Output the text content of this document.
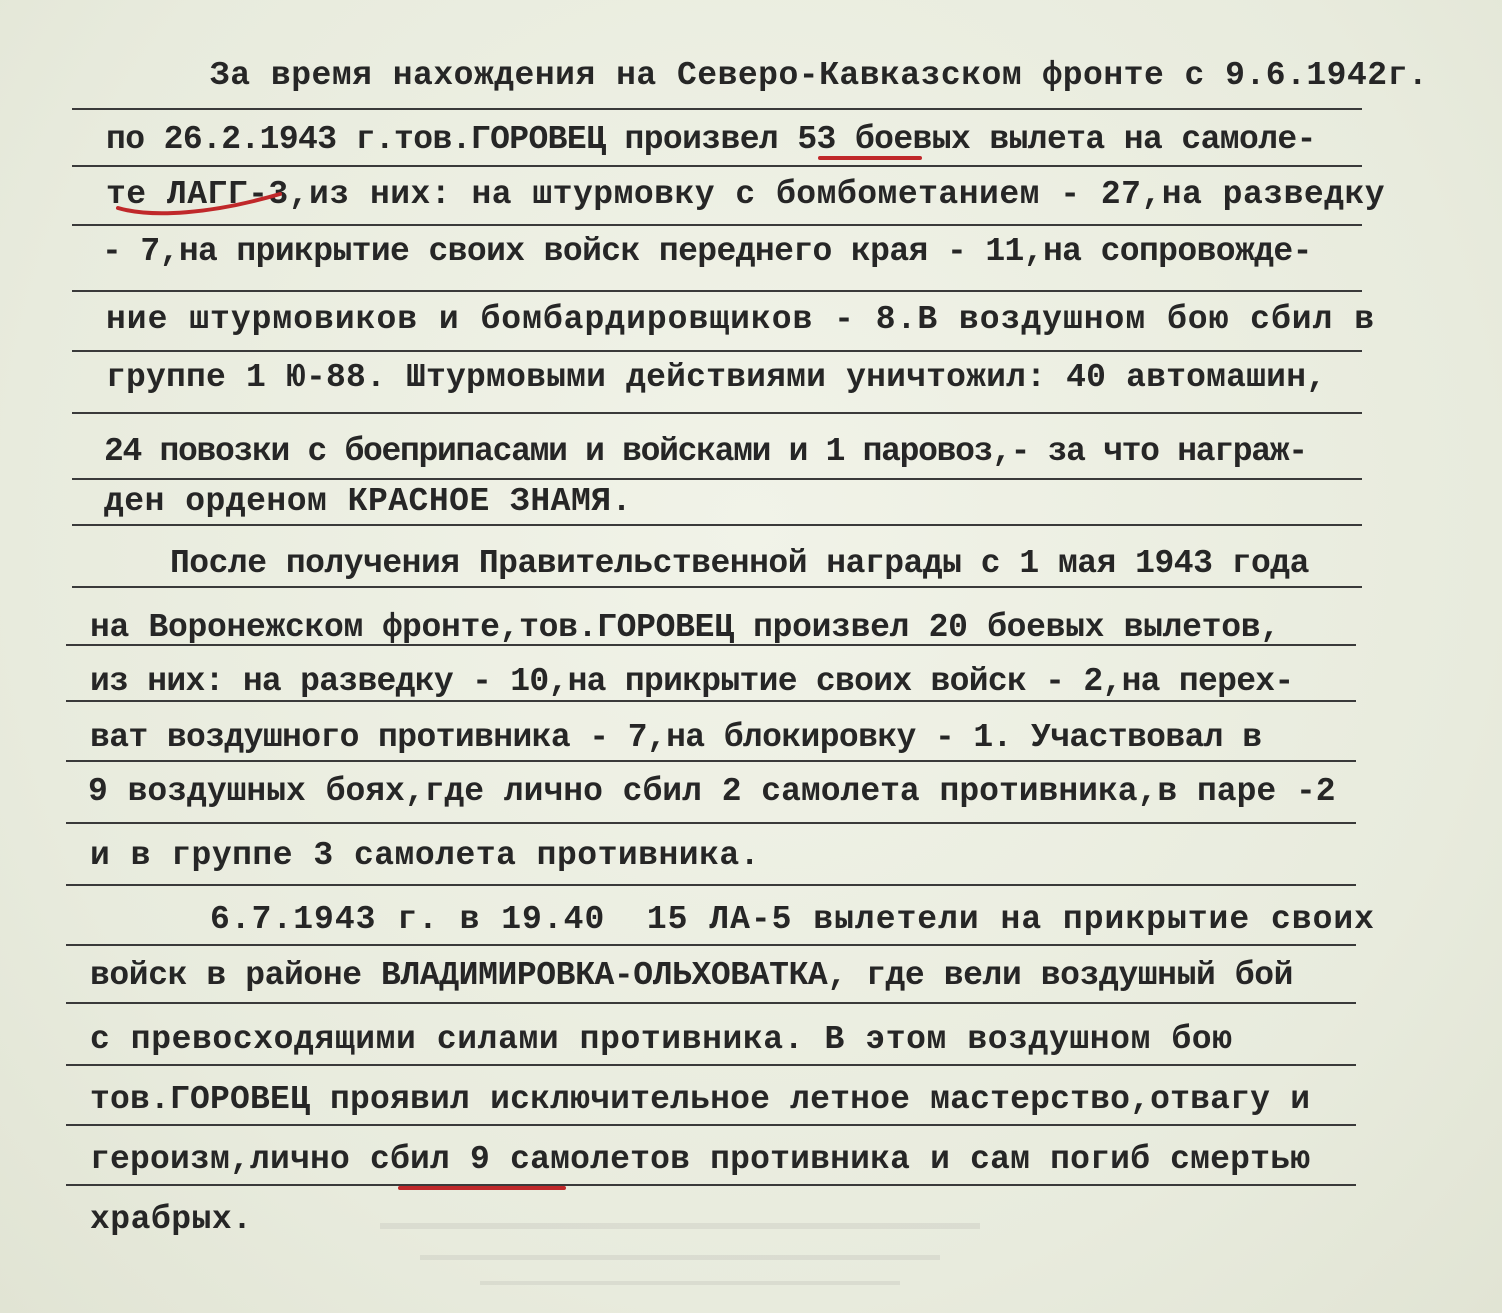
За время нахождения на Северо-Кавказском фронте с 9.6.1942г.
по 26.2.1943 г.тов.ГОРОВЕЦ произвел 53 боевых вылета на самоле-
те ЛАГГ-3,из них: на штурмовку с бомбометанием - 27,на разведку
- 7,на прикрытие своих войск переднего края - 11,на сопровожде-
ние штурмовиков и бомбардировщиков - 8.В воздушном бою сбил в
группе 1 Ю-88. Штурмовыми действиями уничтожил: 40 автомашин,
24 повозки с боеприпасами и войсками и 1 паровоз,- за что награж-
ден орденом КРАСНОЕ ЗНАМЯ.
После получения Правительственной награды с 1 мая 1943 года
на Воронежском фронте,тов.ГОРОВЕЦ произвел 20 боевых вылетов,
из них: на разведку - 10,на прикрытие своих войск - 2,на перех-
ват воздушного противника - 7,на блокировку - 1. Участвовал в
9 воздушных боях,где лично сбил 2 самолета противника,в паре -2
и в группе 3 самолета противника.
6.7.1943 г. в 19.40  15 ЛА-5 вылетели на прикрытие своих
войск в районе ВЛАДИМИРОВКА-ОЛЬХОВАТКА, где вели воздушный бой
с превосходящими силами противника. В этом воздушном бою
тов.ГОРОВЕЦ проявил исключительное летное мастерство,отвагу и
героизм,лично сбил 9 самолетов противника и сам погиб смертью
храбрых.
